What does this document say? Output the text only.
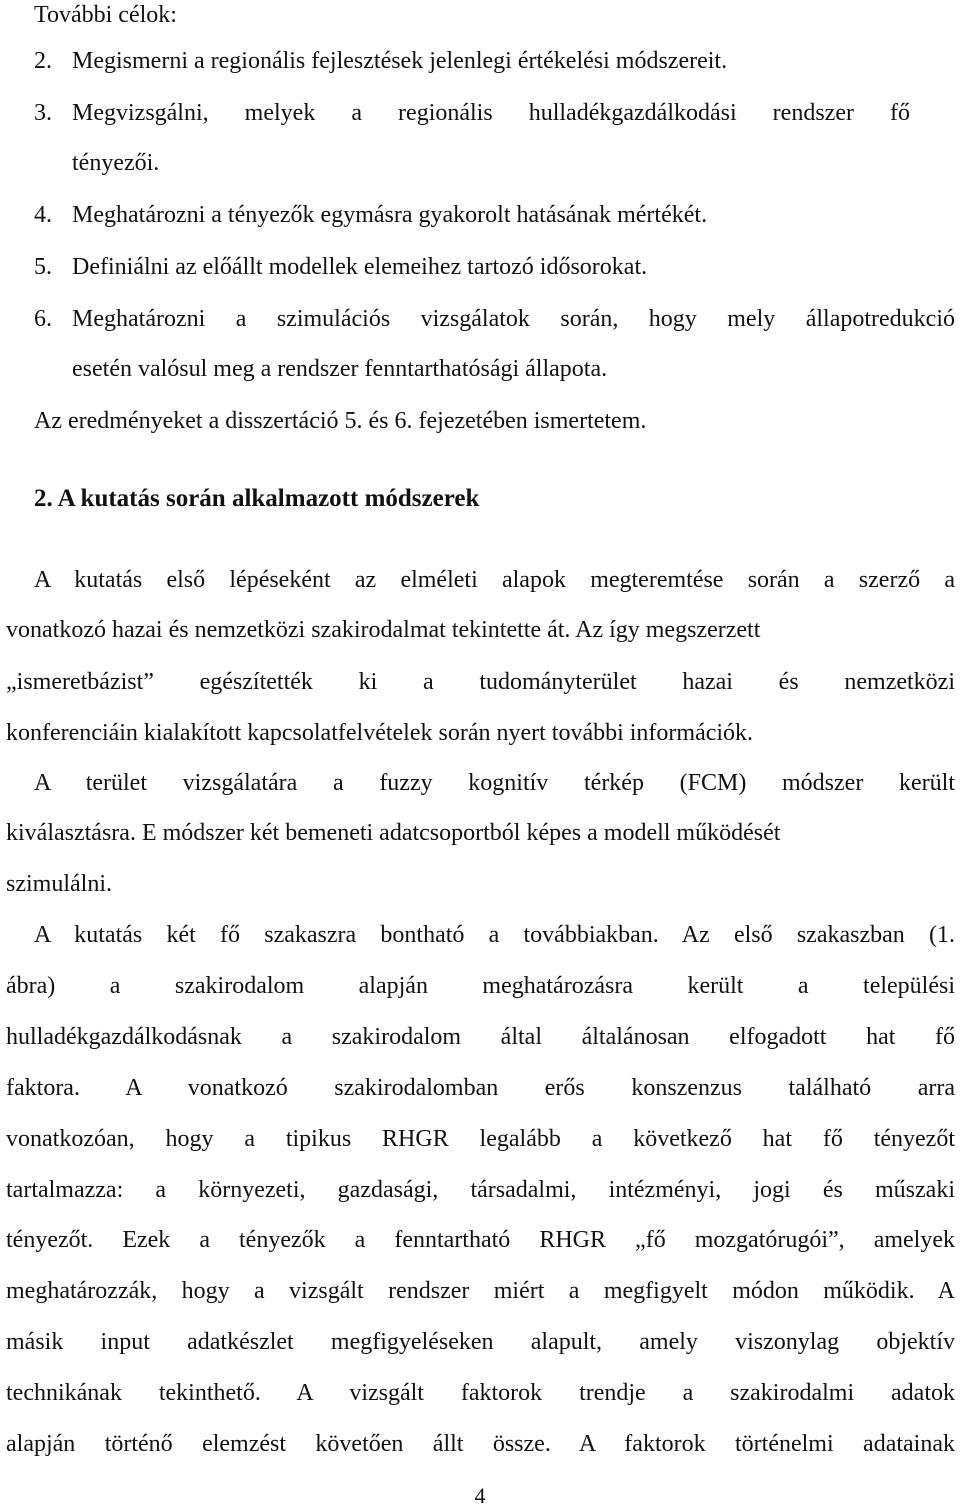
További célok:
2. Megismerni a regionális fejlesztések jelenlegi értékelési módszereit.
3. Megvizsgálni, melyek a regionális hulladékgazdálkodási rendszer fő
tényezői.
4. Meghatározni a tényezők egymásra gyakorolt hatásának mértékét.
5. Definiálni az előállt modellek elemeihez tartozó idősorokat.
6. Meghatározni a szimulációs vizsgálatok során, hogy mely állapotredukció
esetén valósul meg a rendszer fenntarthatósági állapota.
Az eredményeket a disszertáció 5. és 6. fejezetében ismertetem.
2. A kutatás során alkalmazott módszerek
A kutatás első lépéseként az elméleti alapok megteremtése során a szerző a
vonatkozó hazai és nemzetközi szakirodalmat tekintette át. Az így megszerzett
„ismeretbázist” egészítették ki a tudományterület hazai és nemzetközi
konferenciáin kialakított kapcsolatfelvételek során nyert további információk.
A terület vizsgálatára a fuzzy kognitív térkép (FCM) módszer került
kiválasztásra. E módszer két bemeneti adatcsoportból képes a modell működését
szimulálni.
A kutatás két fő szakaszra bontható a továbbiakban. Az első szakaszban (1.
ábra) a szakirodalom alapján meghatározásra került a települési
hulladékgazdálkodásnak a szakirodalom által általánosan elfogadott hat fő
faktora. A vonatkozó szakirodalomban erős konszenzus található arra
vonatkozóan, hogy a tipikus RHGR legalább a következő hat fő tényezőt
tartalmazza: a környezeti, gazdasági, társadalmi, intézményi, jogi és műszaki
tényezőt. Ezek a tényezők a fenntartható RHGR „fő mozgatórugói”, amelyek
meghatározzák, hogy a vizsgált rendszer miért a megfigyelt módon működik. A
másik input adatkészlet megfigyeléseken alapult, amely viszonylag objektív
technikának tekinthető. A vizsgált faktorok trendje a szakirodalmi adatok
alapján történő elemzést követően állt össze. A faktorok történelmi adatainak
4
